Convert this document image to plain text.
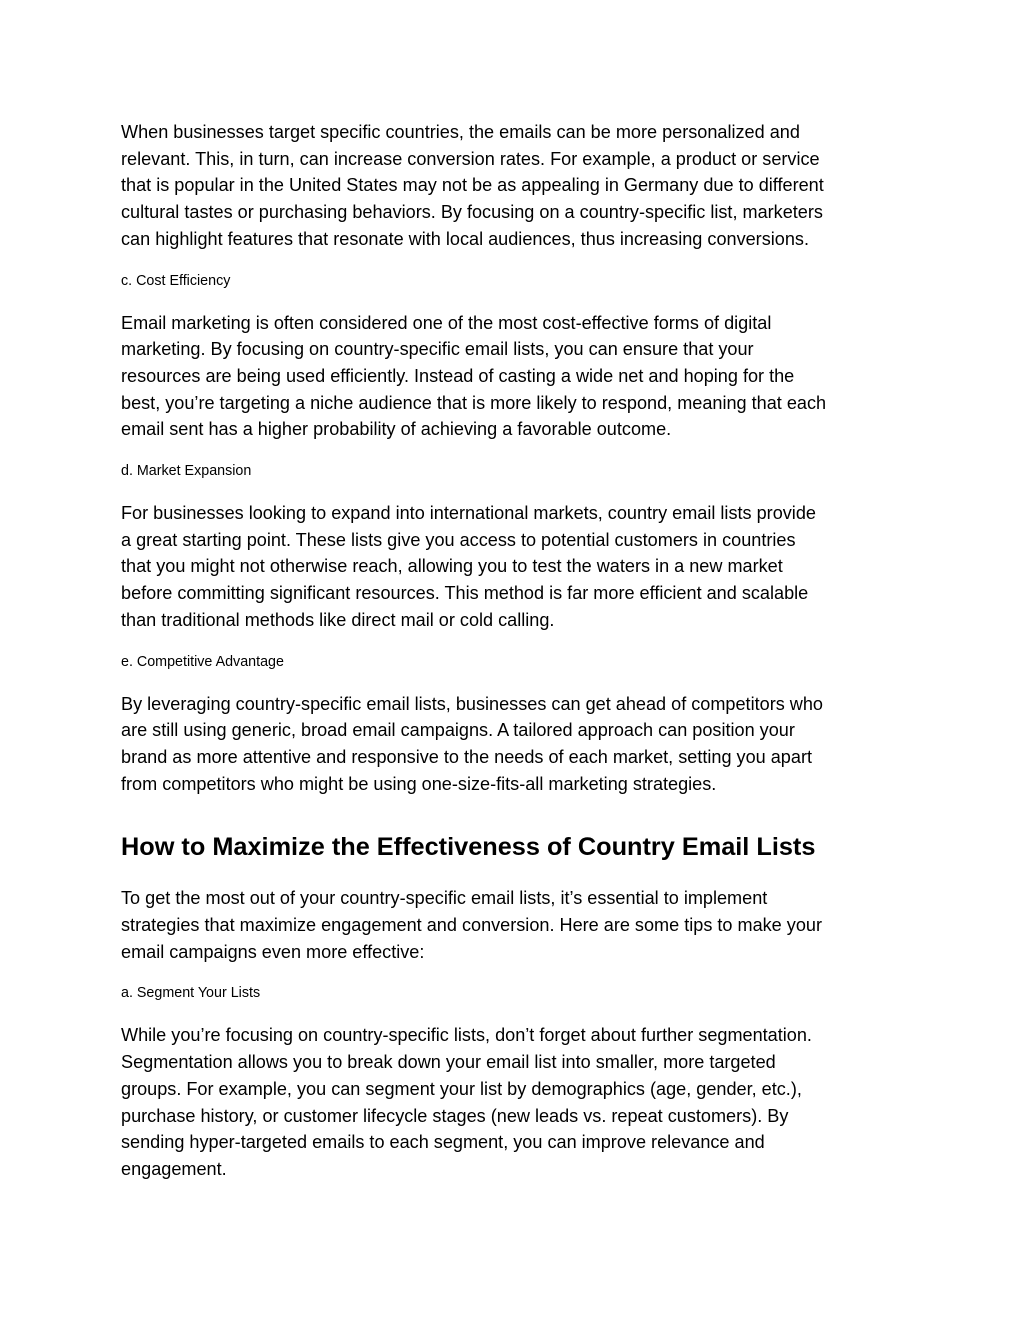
When businesses target specific countries, the emails can be more personalized and
relevant. This, in turn, can increase conversion rates. For example, a product or service
that is popular in the United States may not be as appealing in Germany due to different
cultural tastes or purchasing behaviors. By focusing on a country-specific list, marketers
can highlight features that resonate with local audiences, thus increasing conversions.
c. Cost Efficiency
Email marketing is often considered one of the most cost-effective forms of digital
marketing. By focusing on country-specific email lists, you can ensure that your
resources are being used efficiently. Instead of casting a wide net and hoping for the
best, you’re targeting a niche audience that is more likely to respond, meaning that each
email sent has a higher probability of achieving a favorable outcome.
d. Market Expansion
For businesses looking to expand into international markets, country email lists provide
a great starting point. These lists give you access to potential customers in countries
that you might not otherwise reach, allowing you to test the waters in a new market
before committing significant resources. This method is far more efficient and scalable
than traditional methods like direct mail or cold calling.
e. Competitive Advantage
By leveraging country-specific email lists, businesses can get ahead of competitors who
are still using generic, broad email campaigns. A tailored approach can position your
brand as more attentive and responsive to the needs of each market, setting you apart
from competitors who might be using one-size-fits-all marketing strategies.
How to Maximize the Effectiveness of Country Email Lists
To get the most out of your country-specific email lists, it’s essential to implement
strategies that maximize engagement and conversion. Here are some tips to make your
email campaigns even more effective:
a. Segment Your Lists
While you’re focusing on country-specific lists, don’t forget about further segmentation.
Segmentation allows you to break down your email list into smaller, more targeted
groups. For example, you can segment your list by demographics (age, gender, etc.),
purchase history, or customer lifecycle stages (new leads vs. repeat customers). By
sending hyper-targeted emails to each segment, you can improve relevance and
engagement.
